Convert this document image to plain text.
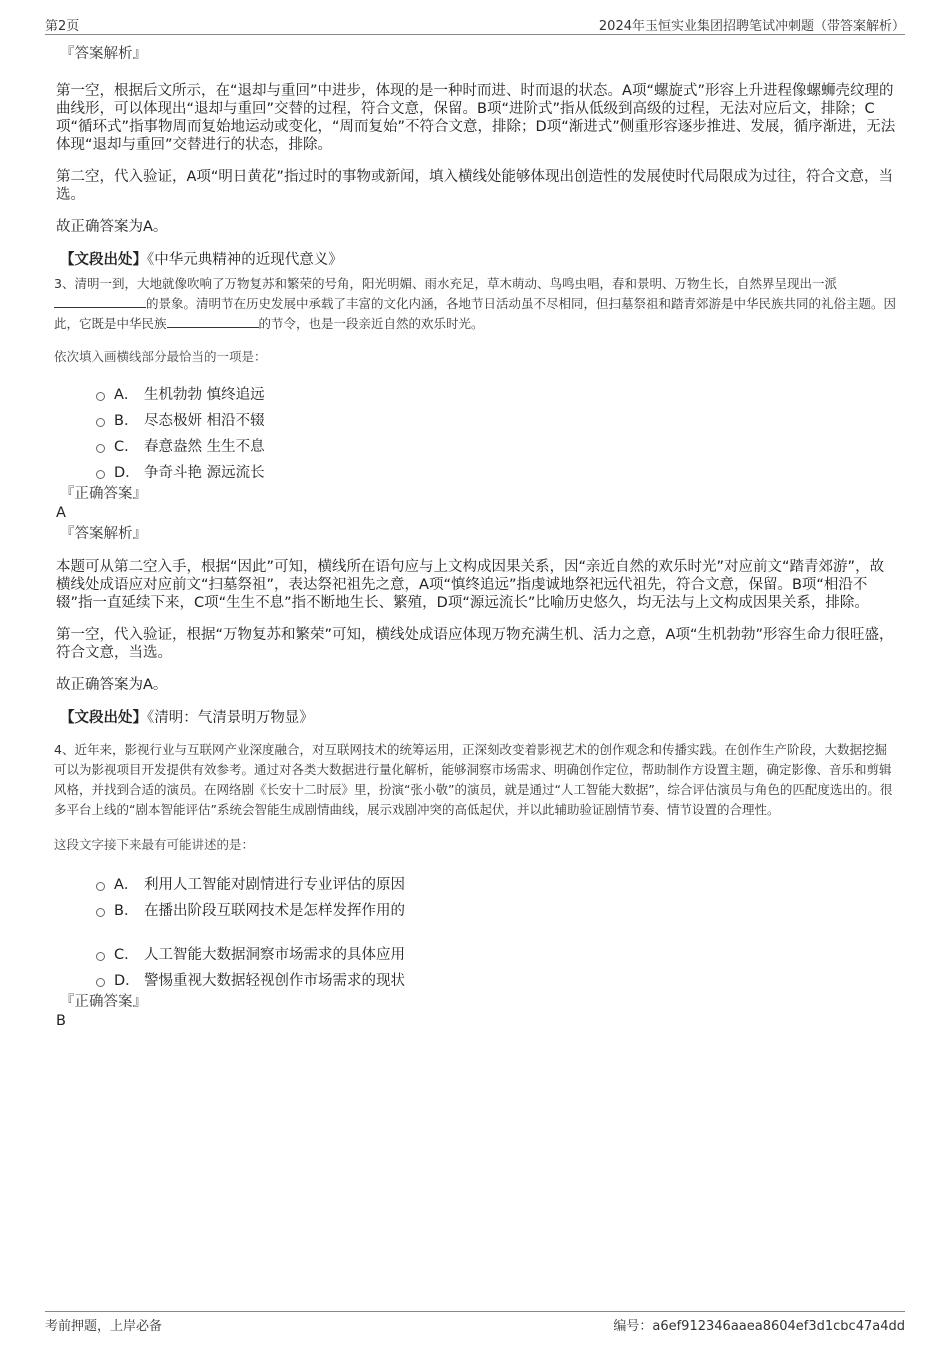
第2页	2024年玉恒实业集团招聘笔试冲刺题（带答案解析）
『答案解析』

第一空，根据后文所示，在“退却与重回”中进步，体现的是一种时而进、时而退的状态。A项“螺旋式”形容上升进程像螺蛳壳纹理的曲线形，可以体现出“退却与重回”交替的过程，符合文意，保留。B项“进阶式”指从低级到高级的过程，无法对应后文，排除；C项“循环式”指事物周而复始地运动或变化，“周而复始”不符合文意，排除；D项“渐进式”侧重形容逐步推进、发展，循序渐进，无法体现“退却与重回”交替进行的状态，排除。

第二空，代入验证，A项“明日黄花”指过时的事物或新闻，填入横线处能够体现出创造性的发展使时代局限成为过往，符合文意，当选。

故正确答案为A。

【文段出处】《中华元典精神的近现代意义》

3、清明一到，大地就像吹响了万物复苏和繁荣的号角，阳光明媚、雨水充足，草木萌动、鸟鸣虫唱，春和景明、万物生长，自然界呈现出一派
的景象。清明节在历史发展中承载了丰富的文化内涵，各地节日活动虽不尽相同，但扫墓祭祖和踏青郊游是中华民族共同的礼俗主题。因此，它既是中华民族	的节令，也是一段亲近自然的欢乐时光。

依次填入画横线部分最恰当的一项是：

A． 生机勃勃 慎终追远
B． 尽态极妍 相沿不辍
C． 春意盎然 生生不息
D． 争奇斗艳 源远流长
『正确答案』
A
『答案解析』

本题可从第二空入手，根据“因此”可知，横线所在语句应与上文构成因果关系，因“亲近自然的欢乐时光”对应前文“踏青郊游”，故横线处成语应对应前文“扫墓祭祖”，表达祭祀祖先之意，A项“慎终追远”指虔诚地祭祀远代祖先，符合文意，保留。B项“相沿不辍”指一直延续下来，C项“生生不息”指不断地生长、繁殖，D项“源远流长”比喻历史悠久，均无法与上文构成因果关系，排除。

第一空，代入验证，根据“万物复苏和繁荣”可知，横线处成语应体现万物充满生机、活力之意，A项“生机勃勃”形容生命力很旺盛，符合文意，当选。

故正确答案为A。

【文段出处】《清明：气清景明万物显》

4、近年来，影视行业与互联网产业深度融合，对互联网技术的统筹运用，正深刻改变着影视艺术的创作观念和传播实践。在创作生产阶段，大数据挖掘可以为影视项目开发提供有效参考。通过对各类大数据进行量化解析，能够洞察市场需求、明确创作定位，帮助制作方设置主题，确定影像、音乐和剪辑风格，并找到合适的演员。在网络剧《长安十二时辰》里，扮演“张小敬”的演员，就是通过“人工智能大数据”，综合评估演员与角色的匹配度选出的。很多平台上线的“剧本智能评估”系统会智能生成剧情曲线，展示戏剧冲突的高低起伏，并以此辅助验证剧情节奏、情节设置的合理性。

这段文字接下来最有可能讲述的是：

A． 利用人工智能对剧情进行专业评估的原因
B． 在播出阶段互联网技术是怎样发挥作用的
C． 人工智能大数据洞察市场需求的具体应用
D． 警惕重视大数据轻视创作市场需求的现状
『正确答案』
B
考前押题，上岸必备	编号：a6ef912346aaea8604ef3d1cbc47a4dd
